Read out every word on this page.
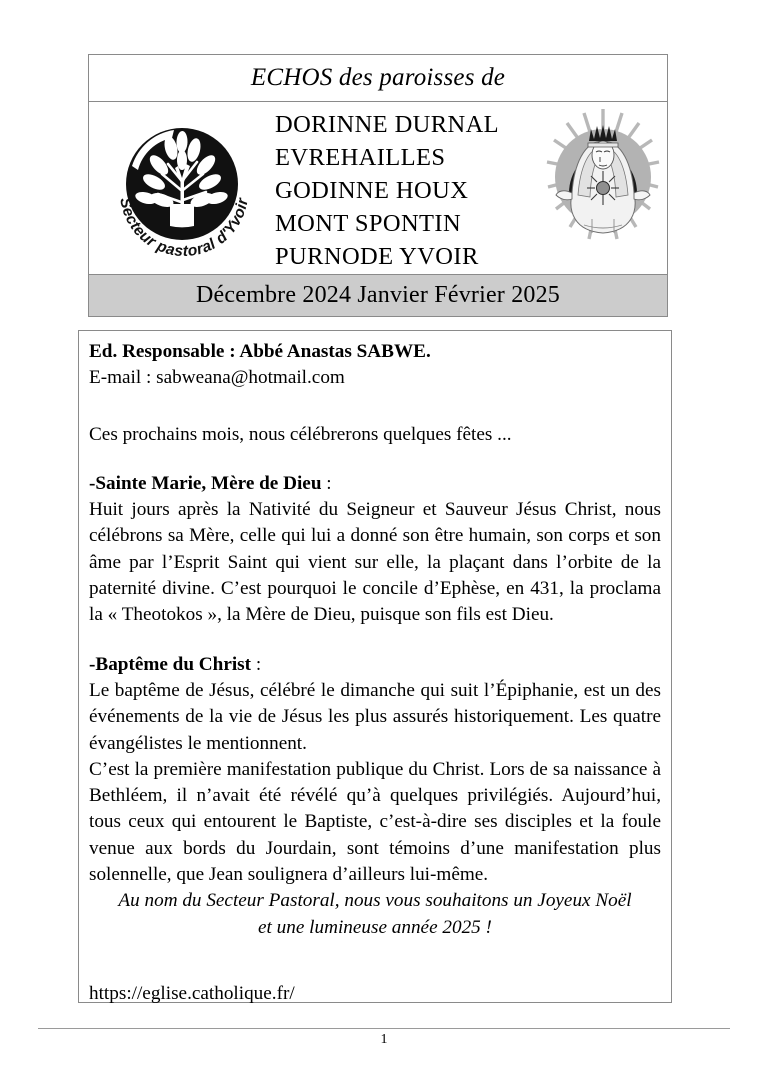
ECHOS des paroisses de
Secteur pastoral d'Yvoir
DORINNE DURNAL
EVREHAILLES
GODINNE HOUX
MONT SPONTIN
PURNODE YVOIR
Décembre 2024 Janvier Février 2025
Ed. Responsable : Abbé Anastas SABWE.
E-mail : sabweana@hotmail.com
Ces prochains mois, nous célébrerons quelques fêtes ...
-Sainte Marie, Mère de Dieu :
Huit jours après la Nativité du Seigneur et Sauveur Jésus Christ, nous célébrons sa Mère, celle qui lui a donné son être humain, son corps et son âme par l’Esprit Saint qui vient sur elle, la plaçant dans l’orbite de la paternité divine. C’est pourquoi le concile d’Ephèse, en 431, la proclama la « Theotokos », la Mère de Dieu, puisque son fils est Dieu.
-Baptême du Christ :
Le baptême de Jésus, célébré le dimanche qui suit l’Épiphanie, est un des événements de la vie de Jésus les plus assurés historiquement. Les quatre évangélistes le mentionnent.
C’est la première manifestation publique du Christ. Lors de sa naissance à Bethléem, il n’avait été révélé qu’à quelques privilégiés. Aujourd’hui, tous ceux qui entourent le Baptiste, c’est-à-dire ses disciples et la foule venue aux bords du Jourdain, sont témoins d’une manifestation plus solennelle, que Jean soulignera d’ailleurs lui-même.
Au nom du Secteur Pastoral, nous vous souhaitons un Joyeux Noël
et une lumineuse année 2025 !
https://eglise.catholique.fr/
1
